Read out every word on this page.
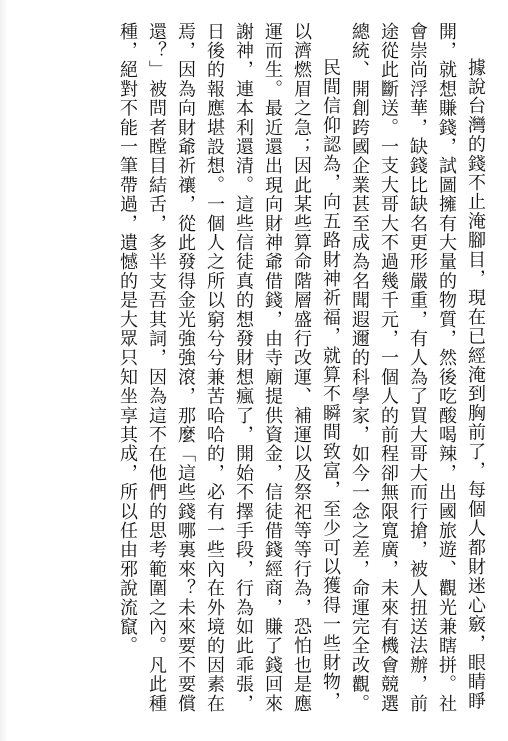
據說台灣的錢不止淹腳目，現在已經淹到胸前了，每個人都財迷心竅，眼睛睜開，就想賺錢，試圖擁有大量的物質，然後吃酸喝辣，出國旅遊、觀光兼瞎拼。社會崇尚浮華，缺錢比缺名更形嚴重，有人為了買大哥大而行搶，被人扭送法辦，前途從此斷送。一支大哥大不過幾千元，一個人的前程卻無限寬廣，未來有機會競選總統、開創跨國企業甚至成為名聞遐邇的科學家，如今一念之差，命運完全改觀。

民間信仰認為，向五路財神祈福，就算不瞬間致富，至少可以獲得一些財物，以濟燃眉之急；因此某些算命階層盛行改運、補運以及祭祀等等行為，恐怕也是應運而生。最近還出現向財神爺借錢，由寺廟提供資金，信徒借錢經商，賺了錢回來謝神，連本利還清。這些信徒真的想發財想瘋了，開始不擇手段，行為如此乖張，日後的報應堪設想。一個人之所以窮兮兮兼苦哈哈的，必有一些內在外境的因素在焉，因為向財爺祈禳，從此發得金光強強滾，那麼「這些錢哪裏來？未來要不要償還？」被問者瞠目結舌，多半支吾其詞，因為這不在他們的思考範圍之內。凡此種種，絕對不能一筆帶過，遺憾的是大眾只知坐享其成，所以任由邪說流竄。
